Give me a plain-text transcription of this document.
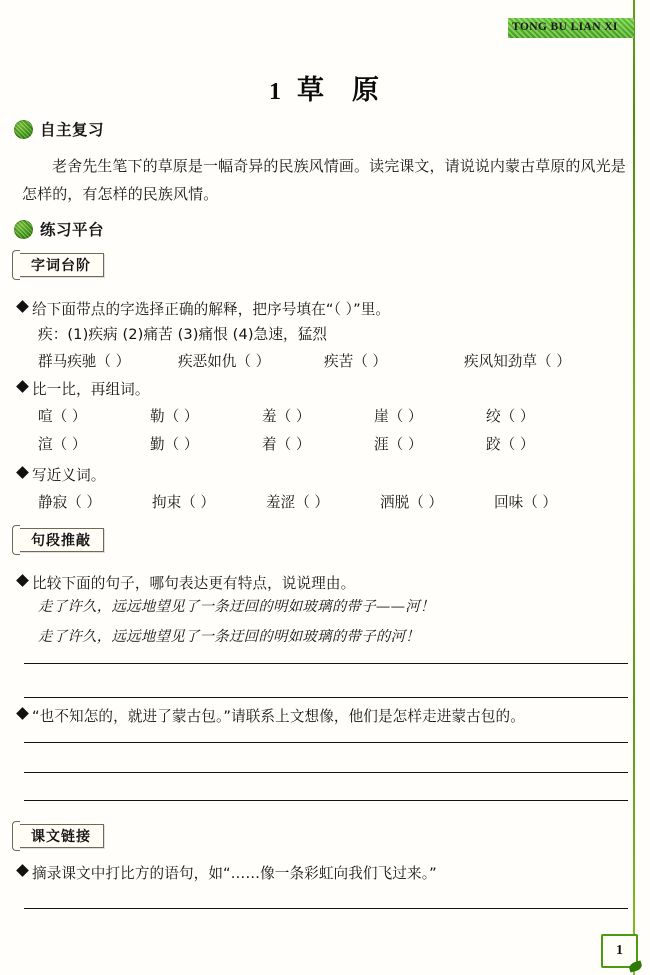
TONG BU LIAN XI
1 草 原
自主复习
老舍先生笔下的草原是一幅奇异的民族风情画。读完课文，请说说内蒙古草原的风光是怎样的，有怎样的民族风情。
练习平台
字词台阶
给下面带点的字选择正确的解释，把序号填在“（ ）”里。
疾：(1)疾病 (2)痛苦 (3)痛恨 (4)急速，猛烈
群马疾驰（ ）	疾恶如仇（ ）	疾苦（ ）	疾风知劲草（ ）
比一比，再组词。
喧（ ）	勒（ ）	羞（ ）	崖（ ）	绞（ ）
渲（ ）	勤（ ）	着（ ）	涯（ ）	跤（ ）
写近义词。
静寂（ ）	拘束（ ）	羞涩（ ）	洒脱（ ）	回味（ ）
句段推敲
比较下面的句子，哪句表达更有特点，说说理由。
走了许久，远远地望见了一条迂回的明如玻璃的带子——河！
走了许久，远远地望见了一条迂回的明如玻璃的带子的河！
“也不知怎的，就进了蒙古包。”请联系上文想像，他们是怎样走进蒙古包的。
课文链接
摘录课文中打比方的语句，如“……像一条彩虹向我们飞过来。”
1
